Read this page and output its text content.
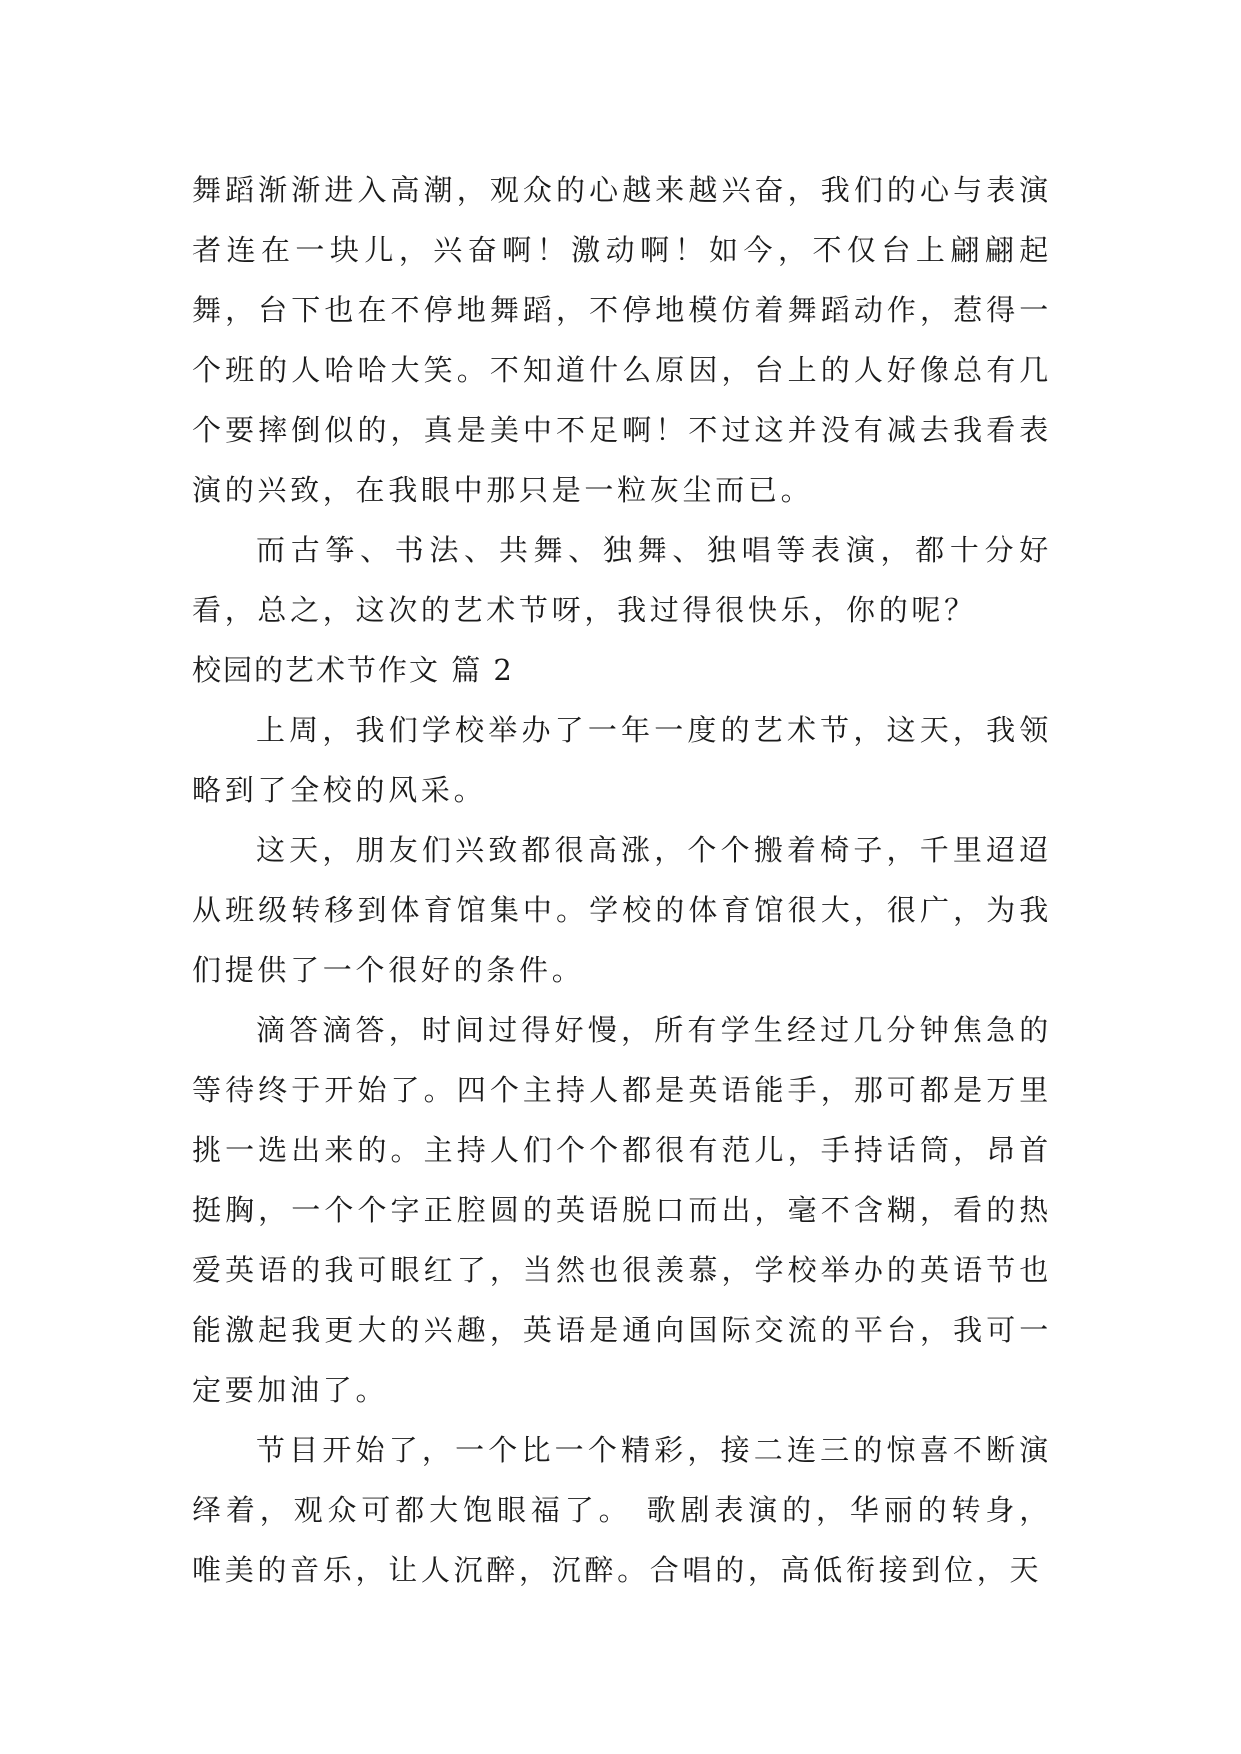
舞蹈渐渐进入高潮，观众的心越来越兴奋，我们的心与表演者连在一块儿，兴奋啊！激动啊！如今，不仅台上翩翩起舞，台下也在不停地舞蹈，不停地模仿着舞蹈动作，惹得一个班的人哈哈大笑。不知道什么原因，台上的人好像总有几个要摔倒似的，真是美中不足啊！不过这并没有减去我看表演的兴致，在我眼中那只是一粒灰尘而已。

而古筝、书法、共舞、独舞、独唱等表演，都十分好看，总之，这次的艺术节呀，我过得很快乐，你的呢？

校园的艺术节作文 篇 2

上周，我们学校举办了一年一度的艺术节，这天，我领略到了全校的风采。

这天，朋友们兴致都很高涨，个个搬着椅子，千里迢迢从班级转移到体育馆集中。学校的体育馆很大，很广，为我们提供了一个很好的条件。

滴答滴答，时间过得好慢，所有学生经过几分钟焦急的等待终于开始了。四个主持人都是英语能手，那可都是万里挑一选出来的。主持人们个个都很有范儿，手持话筒，昂首挺胸，一个个字正腔圆的英语脱口而出，毫不含糊，看的热爱英语的我可眼红了，当然也很羡慕，学校举办的英语节也能激起我更大的兴趣，英语是通向国际交流的平台，我可一定要加油了。

节目开始了，一个比一个精彩，接二连三的惊喜不断演绎着，观众可都大饱眼福了。 歌剧表演的，华丽的转身，唯美的音乐，让人沉醉，沉醉。合唱的，高低衔接到位，天
